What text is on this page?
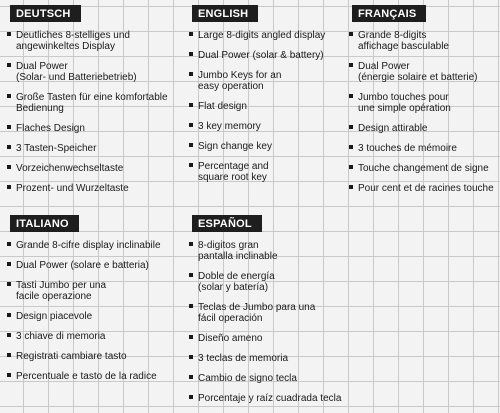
DEUTSCH
Deutliches 8-stelliges und
angewinkeltes Display
Dual Power
(Solar- und Batteriebetrieb)
Große Tasten für eine komfortable
Bedienung
Flaches Design
3 Tasten-Speicher
Vorzeichenwechseltaste
Prozent- und Wurzeltaste
ENGLISH
Large 8-digits angled display
Dual Power (solar & battery)
Jumbo Keys for an
easy operation
Flat design
3 key memory
Sign change key
Percentage and
square root key
FRANÇAIS
Grande 8-digits
affichage basculable
Dual Power
(énergie solaire et batterie)
Jumbo touches pour
une simple opération
Design attirable
3 touches de mémoire
Touche changement de signe
Pour cent et de racines touche
ITALIANO
Grande 8-cifre display inclinabile
Dual Power (solare e batteria)
Tasti Jumbo per una
facile operazione
Design piacevole
3 chiave di memoria
Registrati cambiare tasto
Percentuale e tasto de la radice
ESPAÑOL
8-digitos gran
pantalla inclinable
Doble de energía
(solar y batería)
Teclas de Jumbo para una
fácil operación
Diseño ameno
3 teclas de memoria
Cambio de signo tecla
Porcentaje y raíz cuadrada tecla
